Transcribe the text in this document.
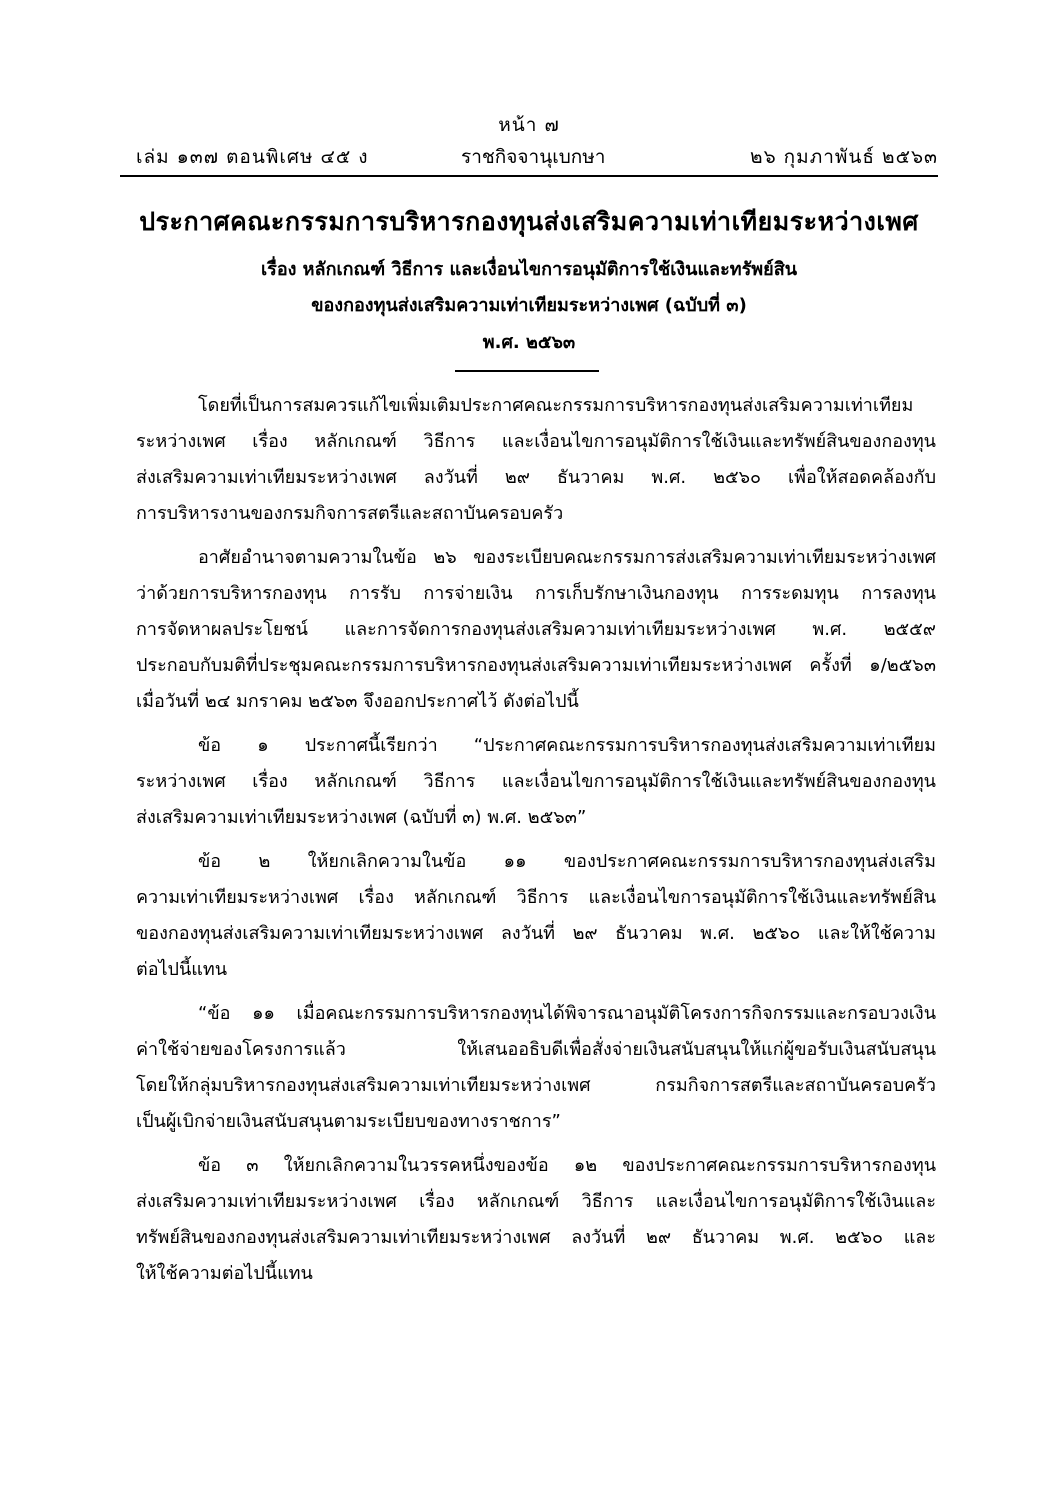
หน้า ๗
เล่ม ๑๓๗ ตอนพิเศษ ๔๕ ง	ราชกิจจานุเบกษา	๒๖ กุมภาพันธ์ ๒๕๖๓
ประกาศคณะกรรมการบริหารกองทุนส่งเสริมความเท่าเทียมระหว่างเพศ
เรื่อง หลักเกณฑ์ วิธีการ และเงื่อนไขการอนุมัติการใช้เงินและทรัพย์สิน
ของกองทุนส่งเสริมความเท่าเทียมระหว่างเพศ (ฉบับที่ ๓)
พ.ศ. ๒๕๖๓
โดยที่เป็นการสมควรแก้ไขเพิ่มเติมประกาศคณะกรรมการบริหารกองทุนส่งเสริมความเท่าเทียม
ระหว่างเพศ เรื่อง หลักเกณฑ์ วิธีการ และเงื่อนไขการอนุมัติการใช้เงินและทรัพย์สินของกองทุน
ส่งเสริมความเท่าเทียมระหว่างเพศ ลงวันที่ ๒๙ ธันวาคม พ.ศ. ๒๕๖๐ เพื่อให้สอดคล้องกับ
การบริหารงานของกรมกิจการสตรีและสถาบันครอบครัว
อาศัยอำนาจตามความในข้อ ๒๖ ของระเบียบคณะกรรมการส่งเสริมความเท่าเทียมระหว่างเพศ
ว่าด้วยการบริหารกองทุน การรับ การจ่ายเงิน การเก็บรักษาเงินกองทุน การระดมทุน การลงทุน
การจัดหาผลประโยชน์ และการจัดการกองทุนส่งเสริมความเท่าเทียมระหว่างเพศ พ.ศ. ๒๕๕๙
ประกอบกับมติที่ประชุมคณะกรรมการบริหารกองทุนส่งเสริมความเท่าเทียมระหว่างเพศ ครั้งที่ ๑/๒๕๖๓
เมื่อวันที่ ๒๔ มกราคม ๒๕๖๓ จึงออกประกาศไว้ ดังต่อไปนี้
ข้อ ๑ ประกาศนี้เรียกว่า “ประกาศคณะกรรมการบริหารกองทุนส่งเสริมความเท่าเทียม
ระหว่างเพศ เรื่อง หลักเกณฑ์ วิธีการ และเงื่อนไขการอนุมัติการใช้เงินและทรัพย์สินของกองทุน
ส่งเสริมความเท่าเทียมระหว่างเพศ (ฉบับที่ ๓) พ.ศ. ๒๕๖๓”
ข้อ ๒ ให้ยกเลิกความในข้อ ๑๑ ของประกาศคณะกรรมการบริหารกองทุนส่งเสริม
ความเท่าเทียมระหว่างเพศ เรื่อง หลักเกณฑ์ วิธีการ และเงื่อนไขการอนุมัติการใช้เงินและทรัพย์สิน
ของกองทุนส่งเสริมความเท่าเทียมระหว่างเพศ ลงวันที่ ๒๙ ธันวาคม พ.ศ. ๒๕๖๐ และให้ใช้ความ
ต่อไปนี้แทน
“ข้อ ๑๑ เมื่อคณะกรรมการบริหารกองทุนได้พิจารณาอนุมัติโครงการกิจกรรมและกรอบวงเงิน
ค่าใช้จ่ายของโครงการแล้ว ให้เสนออธิบดีเพื่อสั่งจ่ายเงินสนับสนุนให้แก่ผู้ขอรับเงินสนับสนุน
โดยให้กลุ่มบริหารกองทุนส่งเสริมความเท่าเทียมระหว่างเพศ กรมกิจการสตรีและสถาบันครอบครัว
เป็นผู้เบิกจ่ายเงินสนับสนุนตามระเบียบของทางราชการ”
ข้อ ๓ ให้ยกเลิกความในวรรคหนึ่งของข้อ ๑๒ ของประกาศคณะกรรมการบริหารกองทุน
ส่งเสริมความเท่าเทียมระหว่างเพศ เรื่อง หลักเกณฑ์ วิธีการ และเงื่อนไขการอนุมัติการใช้เงินและ
ทรัพย์สินของกองทุนส่งเสริมความเท่าเทียมระหว่างเพศ ลงวันที่ ๒๙ ธันวาคม พ.ศ. ๒๕๖๐ และ
ให้ใช้ความต่อไปนี้แทน
